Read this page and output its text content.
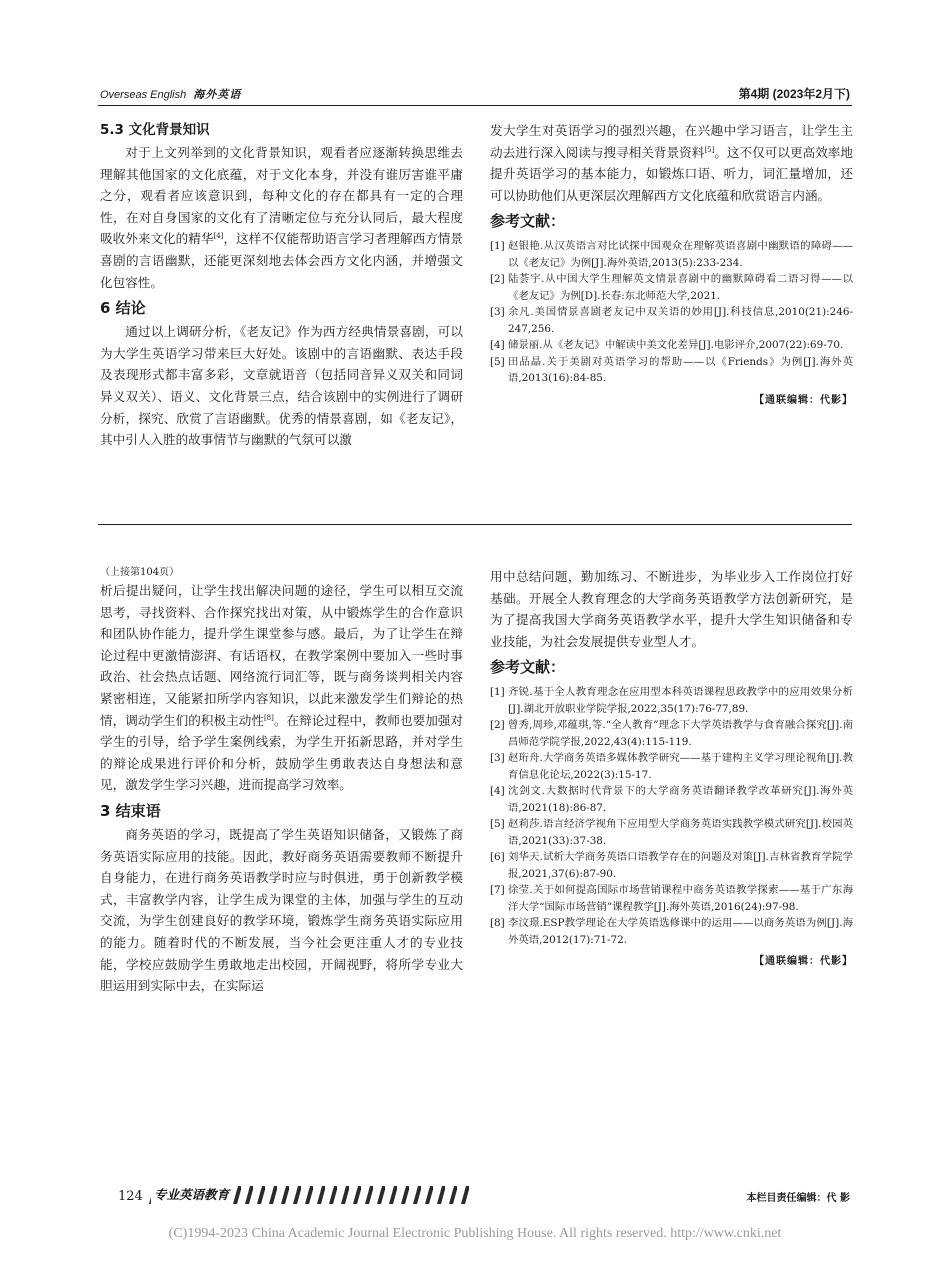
Overseas English 海外英语	第4期 (2023年2月下)
5.3 文化背景知识

对于上文列举到的文化背景知识，观看者应逐渐转换思维去理解其他国家的文化底蕴，对于文化本身，并没有谁厉害谁平庸之分，观看者应该意识到，每种文化的存在都具有一定的合理性，在对自身国家的文化有了清晰定位与充分认同后，最大程度吸收外来文化的精华[4]，这样不仅能帮助语言学习者理解西方情景喜剧的言语幽默，还能更深刻地去体会西方文化内涵，并增强文化包容性。

6 结论

通过以上调研分析，《老友记》作为西方经典情景喜剧，可以为大学生英语学习带来巨大好处。该剧中的言语幽默、表达手段及表现形式都丰富多彩，文章就语音（包括同音异义双关和同词异义双关）、语义、文化背景三点，结合该剧中的实例进行了调研分析，探究、欣赏了言语幽默。优秀的情景喜剧，如《老友记》，其中引人入胜的故事情节与幽默的气氛可以激

发大学生对英语学习的强烈兴趣，在兴趣中学习语言，让学生主动去进行深入阅读与搜寻相关背景资料[5]。这不仅可以更高效率地提升英语学习的基本能力，如锻炼口语、听力，词汇量增加，还可以协助他们从更深层次理解西方文化底蕴和欣赏语言内涵。

参考文献：
[1] 赵银艳.从汉英语言对比试探中国观众在理解英语喜剧中幽默语的障碍——以《老友记》为例[J].海外英语,2013(5):233-234.
[2] 陆荟宇.从中国大学生理解英文情景喜剧中的幽默障碍看二语习得——以《老友记》为例[D].长春:东北师范大学,2021.
[3] 余凡.美国情景喜剧老友记中双关语的妙用[J].科技信息,2010(21):246-247,256.
[4] 储景丽.从《老友记》中解读中美文化差异[J].电影评介,2007(22):69-70.
[5] 田品晶.关于美剧对英语学习的帮助——以《Friends》为例[J].海外英语,2013(16):84-85.
【通联编辑：代影】

（上接第104页）

析后提出疑问，让学生找出解决问题的途径，学生可以相互交流思考，寻找资料、合作探究找出对策，从中锻炼学生的合作意识和团队协作能力，提升学生课堂参与感。最后，为了让学生在辩论过程中更激情澎湃、有话语权，在教学案例中要加入一些时事政治、社会热点话题、网络流行词汇等，既与商务谈判相关内容紧密相连，又能紧扣所学内容知识，以此来激发学生们辩论的热情，调动学生们的积极主动性[8]。在辩论过程中，教师也要加强对学生的引导，给予学生案例线索，为学生开拓新思路，并对学生的辩论成果进行评价和分析，鼓励学生勇敢表达自身想法和意见，激发学生学习兴趣，进而提高学习效率。

3 结束语

商务英语的学习，既提高了学生英语知识储备，又锻炼了商务英语实际应用的技能。因此，教好商务英语需要教师不断提升自身能力，在进行商务英语教学时应与时俱进，勇于创新教学模式，丰富教学内容，让学生成为课堂的主体，加强与学生的互动交流，为学生创建良好的教学环境，锻炼学生商务英语实际应用的能力。随着时代的不断发展，当今社会更注重人才的专业技能，学校应鼓励学生勇敢地走出校园，开阔视野，将所学专业大胆运用到实际中去，在实际运

用中总结问题，勤加练习、不断进步，为毕业步入工作岗位打好基础。开展全人教育理念的大学商务英语教学方法创新研究，是为了提高我国大学商务英语教学水平，提升大学生知识储备和专业技能，为社会发展提供专业型人才。

参考文献：
[1] 齐锐.基于全人教育理念在应用型本科英语课程思政教学中的应用效果分析[J].湖北开放职业学院学报,2022,35(17):76-77,89.
[2] 曾秀,周珍,邓蕴琪,等.“全人教育”理念下大学英语教学与食育融合探究[J].南昌师范学院学报,2022,43(4):115-119.
[3] 赵珩舟.大学商务英语多媒体教学研究——基于建构主义学习理论视角[J].教育信息化论坛,2022(3):15-17.
[4] 沈剑文.大数据时代背景下的大学商务英语翻译教学改革研究[J].海外英语,2021(18):86-87.
[5] 赵莉莎.语言经济学视角下应用型大学商务英语实践教学模式研究[J].校园英语,2021(33):37-38.
[6] 刘华天.试析大学商务英语口语教学存在的问题及对策[J].吉林省教育学院学报,2021,37(6):87-90.
[7] 徐莹.关于如何提高国际市场营销课程中商务英语教学探索——基于广东海洋大学“国际市场营销”课程教学[J].海外英语,2016(24):97-98.
[8] 李汶璟.ESP教学理论在大学英语选修课中的运用——以商务英语为例[J].海外英语,2012(17):71-72.
【通联编辑：代影】
124 专业英语教育	本栏目责任编辑：代 影
(C)1994-2023 China Academic Journal Electronic Publishing House. All rights reserved. http://www.cnki.net
